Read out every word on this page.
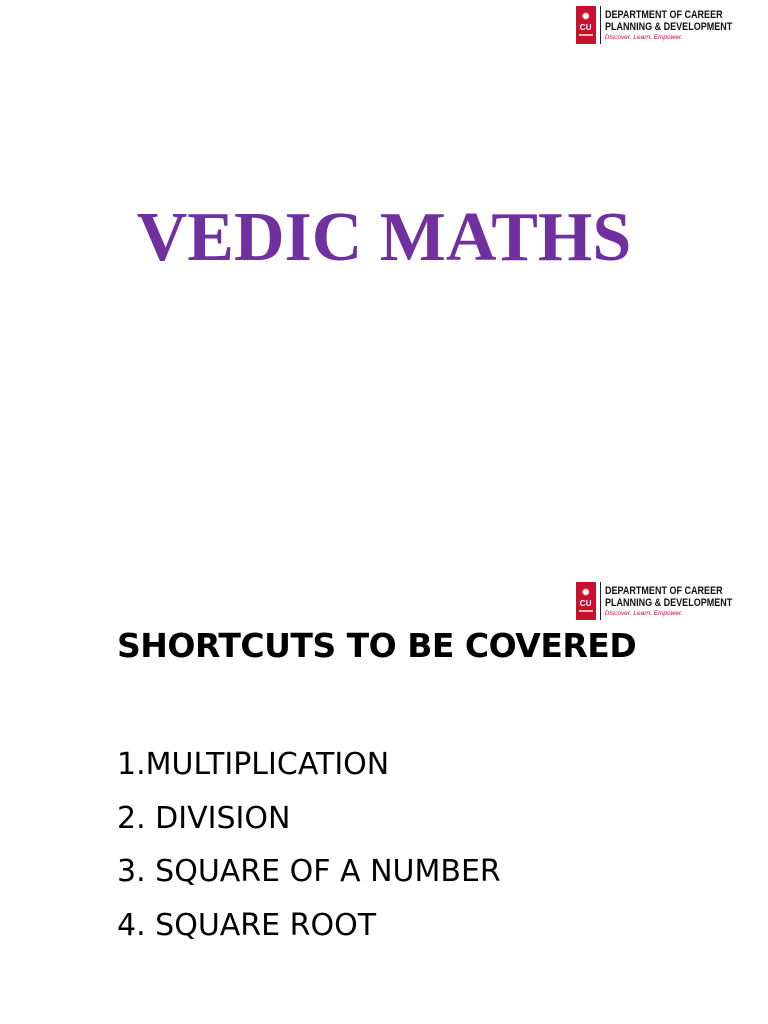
✹
CU
DEPARTMENT OF CAREER
PLANNING & DEVELOPMENT
Discover. Learn. Empower.
VEDIC MATHS
✹
CU
DEPARTMENT OF CAREER
PLANNING & DEVELOPMENT
Discover. Learn. Empower.
SHORTCUTS TO BE COVERED
1.MULTIPLICATION
2. DIVISION
3. SQUARE OF A NUMBER
4. SQUARE ROOT
